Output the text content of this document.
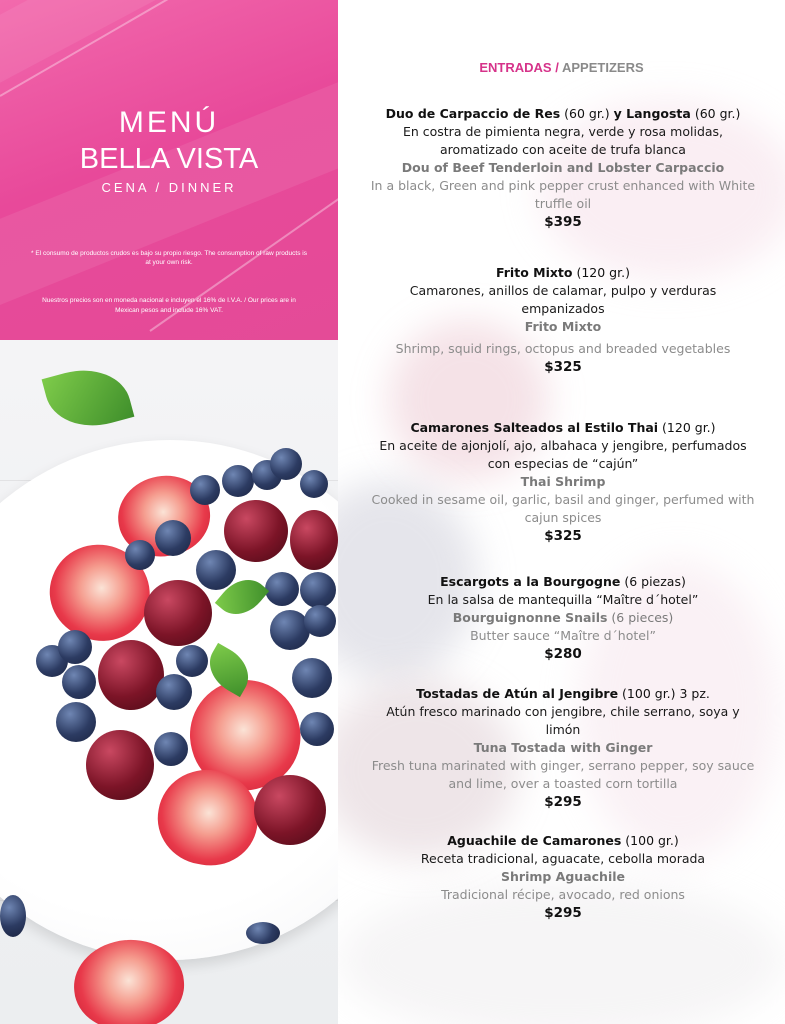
MENÚ
BELLA VISTA
CENA / DINNER
* El consumo de productos crudos es bajo su propio riesgo. The consumption of raw products is at your own risk.
Nuestros precios son en moneda nacional e incluyen el 16% de I.V.A. / Our prices are in Mexican pesos and include 16% VAT.
ENTRADAS / APPETIZERS
Duo de Carpaccio de Res (60 gr.) y Langosta (60 gr.)
En costra de pimienta negra, verde y rosa molidas, aromatizado con aceite de trufa blanca
Dou of Beef Tenderloin and Lobster Carpaccio
In a black, Green and pink pepper crust enhanced with White truffle oil
$395
Frito Mixto (120 gr.)
Camarones, anillos de calamar, pulpo y verduras empanizados
Frito Mixto
Shrimp, squid rings, octopus and breaded vegetables
$325
Camarones Salteados al Estilo Thai (120 gr.)
En aceite de ajonjolí, ajo, albahaca y jengibre, perfumados con especias de “cajún”
Thai Shrimp
Cooked in sesame oil, garlic, basil and ginger, perfumed with cajun spices
$325
Escargots a la Bourgogne (6 piezas)
En la salsa de mantequilla “Maître d´hotel”
Bourguignonne Snails (6 pieces)
Butter sauce “Maître d´hotel”
$280
Tostadas de Atún al Jengibre (100 gr.) 3 pz.
Atún fresco marinado con jengibre, chile serrano, soya y limón
Tuna Tostada with Ginger
Fresh tuna marinated with ginger, serrano pepper, soy sauce and lime, over a toasted corn tortilla
$295
Aguachile de Camarones (100 gr.)
Receta tradicional, aguacate, cebolla morada
Shrimp Aguachile
Tradicional récipe, avocado, red onions
$295
